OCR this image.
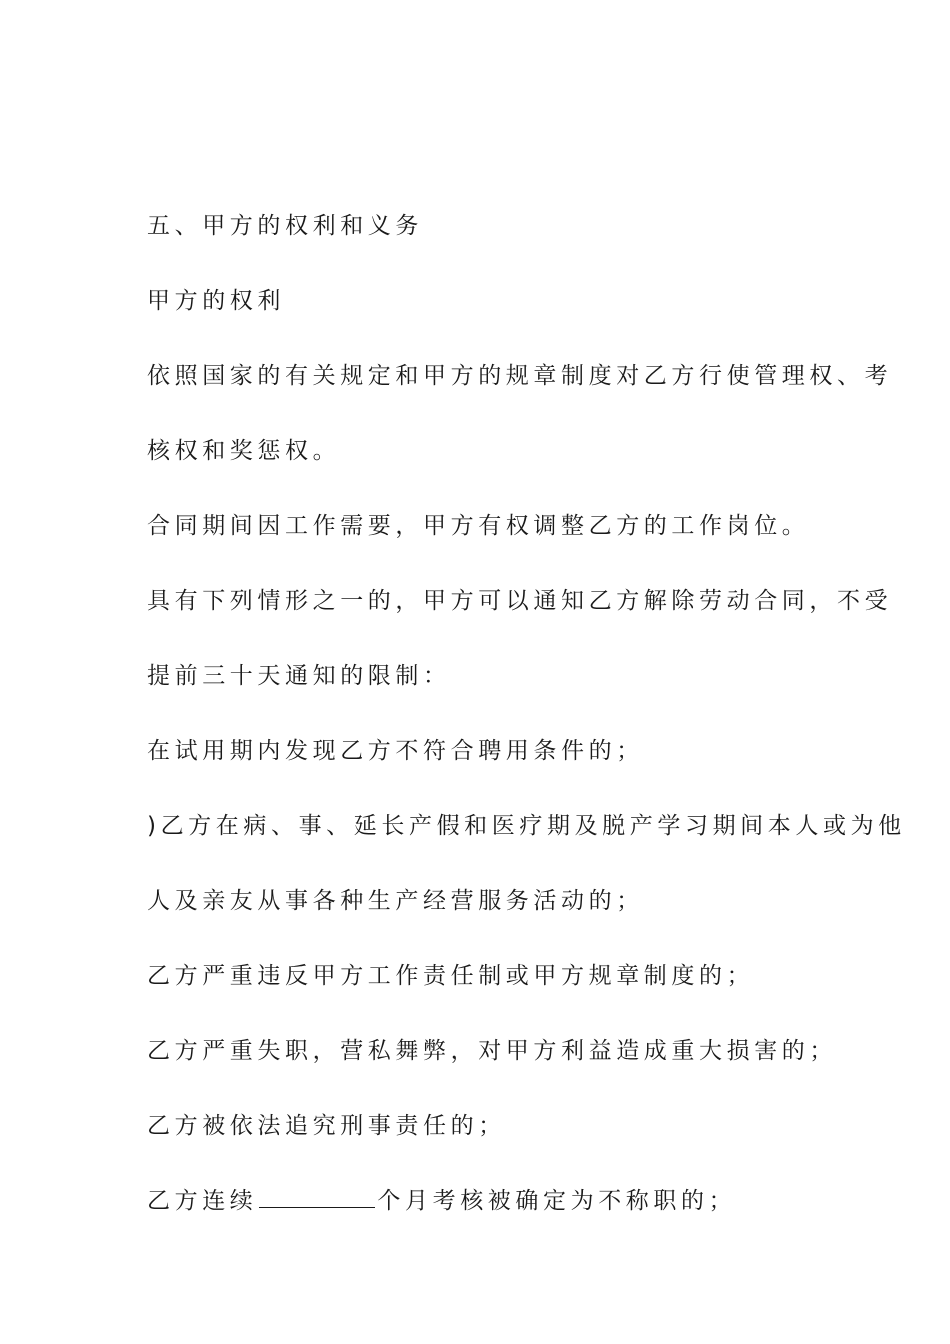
五、甲方的权利和义务

甲方的权利

依照国家的有关规定和甲方的规章制度对乙方行使管理权、考

核权和奖惩权。

合同期间因工作需要，甲方有权调整乙方的工作岗位。

具有下列情形之一的，甲方可以通知乙方解除劳动合同，不受

提前三十天通知的限制：

在试用期内发现乙方不符合聘用条件的；

)乙方在病、事、延长产假和医疗期及脱产学习期间本人或为他

人及亲友从事各种生产经营服务活动的；

乙方严重违反甲方工作责任制或甲方规章制度的；

乙方严重失职，营私舞弊，对甲方利益造成重大损害的；

乙方被依法追究刑事责任的；

乙方连续	个月考核被确定为不称职的；
